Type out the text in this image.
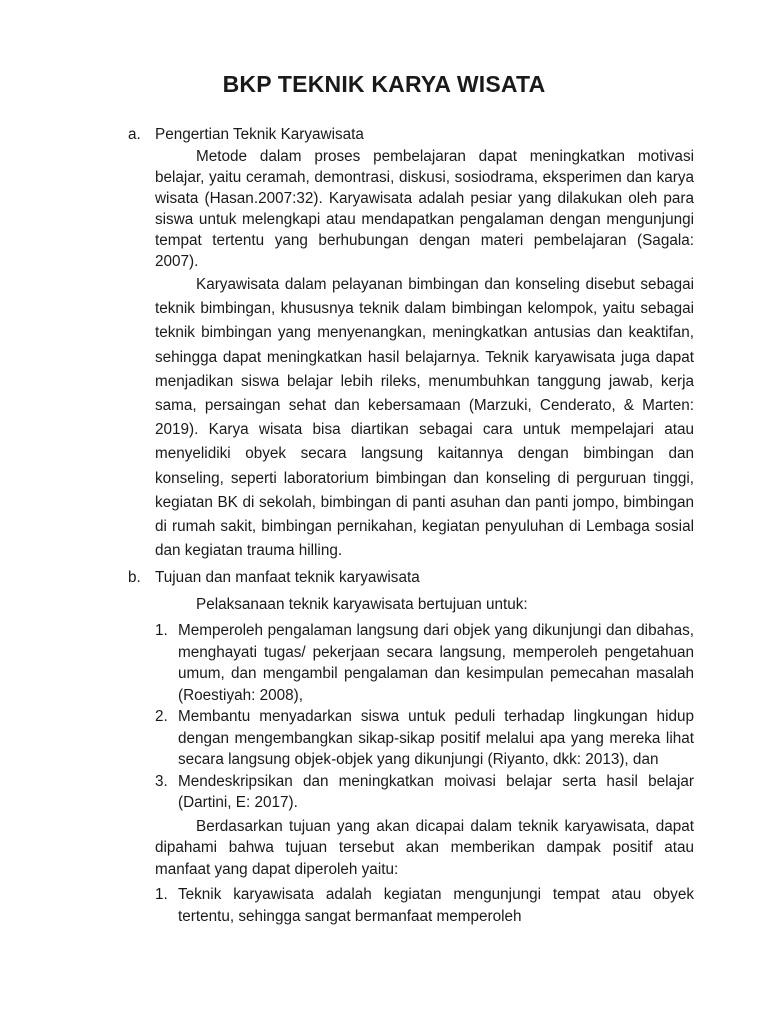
BKP TEKNIK KARYA WISATA
a. Pengertian Teknik Karyawisata

Metode dalam proses pembelajaran dapat meningkatkan motivasi belajar, yaitu ceramah, demontrasi, diskusi, sosiodrama, eksperimen dan karya wisata (Hasan.2007:32). Karyawisata adalah pesiar yang dilakukan oleh para siswa untuk melengkapi atau mendapatkan pengalaman dengan mengunjungi tempat tertentu yang berhubungan dengan materi pembelajaran (Sagala: 2007).

Karyawisata dalam pelayanan bimbingan dan konseling disebut sebagai teknik bimbingan, khususnya teknik dalam bimbingan kelompok, yaitu sebagai teknik bimbingan yang menyenangkan, meningkatkan antusias dan keaktifan, sehingga dapat meningkatkan hasil belajarnya. Teknik karyawisata juga dapat menjadikan siswa belajar lebih rileks, menumbuhkan tanggung jawab, kerja sama, persaingan sehat dan kebersamaan (Marzuki, Cenderato, & Marten: 2019). Karya wisata bisa diartikan sebagai cara untuk mempelajari atau menyelidiki obyek secara langsung kaitannya dengan bimbingan dan konseling, seperti laboratorium bimbingan dan konseling di perguruan tinggi, kegiatan BK di sekolah, bimbingan di panti asuhan dan panti jompo, bimbingan di rumah sakit, bimbingan pernikahan, kegiatan penyuluhan di Lembaga sosial dan kegiatan trauma hilling.

b. Tujuan dan manfaat teknik karyawisata

Pelaksanaan teknik karyawisata bertujuan untuk:

1. Memperoleh pengalaman langsung dari objek yang dikunjungi dan dibahas, menghayati tugas/ pekerjaan secara langsung, memperoleh pengetahuan umum, dan mengambil pengalaman dan kesimpulan pemecahan masalah (Roestiyah: 2008),
2. Membantu menyadarkan siswa untuk peduli terhadap lingkungan hidup dengan mengembangkan sikap-sikap positif melalui apa yang mereka lihat secara langsung objek-objek yang dikunjungi (Riyanto, dkk: 2013), dan
3. Mendeskripsikan dan meningkatkan moivasi belajar serta hasil belajar (Dartini, E: 2017).

Berdasarkan tujuan yang akan dicapai dalam teknik karyawisata, dapat dipahami bahwa tujuan tersebut akan memberikan dampak positif atau manfaat yang dapat diperoleh yaitu:

1. Teknik karyawisata adalah kegiatan mengunjungi tempat atau obyek tertentu, sehingga sangat bermanfaat memperoleh
